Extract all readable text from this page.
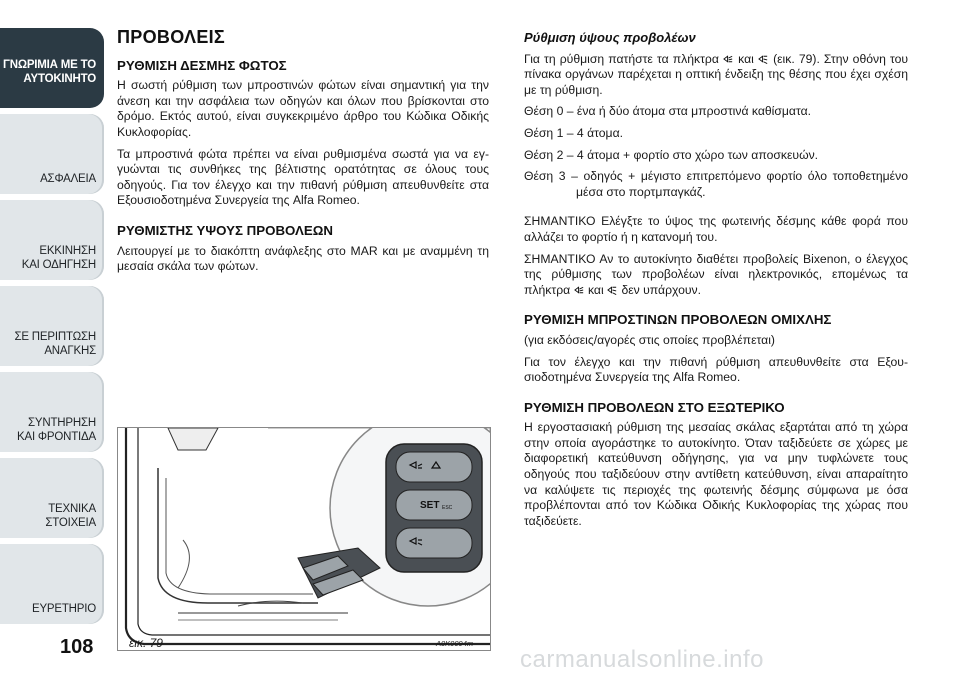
ΓΝΩΡΙΜΙΑ ΜΕ ΤΟ
ΑΥΤΟΚΙΝΗΤΟ
ΑΣΦΑΛΕΙΑ
ΕΚΚΙΝΗΣΗ
ΚΑΙ ΟΔΗΓΗΣΗ
ΣΕ ΠΕΡΙΠΤΩΣΗ
ΑΝΑΓΚΗΣ
ΣΥΝΤΗΡΗΣΗ
ΚΑΙ ΦΡΟΝΤΙΔΑ
ΤΕΧΝΙΚΑ
ΣΤΟΙΧΕΙΑ
ΕΥΡΕΤΗΡΙΟ
108
ΠΡΟΒΟΛΕΙΣ
ΡΥΘΜΙΣΗ ΔΕΣΜΗΣ ΦΩΤΟΣ

Η σωστή ρύθμιση των μπροστινών φώτων είναι σημαντική για την άνεση και την ασφάλεια των οδηγών και όλων που βρίσκονται στο δρόμο. Εκτός αυτού, είναι συγκεκριμένο άρθρο του Κώδικα Οδικής Κυκλοφορίας.

Τα μπροστινά φώτα πρέπει να είναι ρυθμισμένα σωστά για να εγγυώνται τις συνθήκες της βέλτιστης ορατότητας σε όλους τους οδηγούς. Για τον έλεγχο και την πιθανή ρύθμιση απευθυνθείτε στα Εξουσιοδοτημένα Συνεργεία της Alfa Romeo.

ΡΥΘΜΙΣΤΗΣ ΥΨΟΥΣ ΠΡΟΒΟΛΕΩΝ

Λειτουργεί με το διακόπτη ανάφλεξης στο MAR και με αναμμένη τη μεσαία σκάλα των φώτων.

SET ESC
εικ. 79	A0K0094m
Ρύθμιση ύψους προβολέων

Για τη ρύθμιση πατήστε τα πλήκτρα και (εικ. 79). Στην οθόνη του πίνακα οργάνων παρέχεται η οπτική ένδειξη της θέσης που έχει σχέση με τη ρύθμιση.

Θέση 0 – ένα ή δύο άτομα στα μπροστινά καθίσματα.

Θέση 1 – 4 άτομα.

Θέση 2 – 4 άτομα + φορτίο στο χώρο των αποσκευών.

Θέση 3 – οδηγός + μέγιστο επιτρεπόμενο φορτίο όλο τοποθετημένο μέσα στο πορτμπαγκάζ.

ΣΗΜΑΝΤΙΚΟ Ελέγξτε το ύψος της φωτεινής δέσμης κάθε φορά που αλλάζει το φορτίο ή η κατανομή του.

ΣΗΜΑΝΤΙΚΟ Αν το αυτοκίνητο διαθέτει προβολείς Bixenon, ο έλεγχος της ρύθμισης των προβολέων είναι ηλεκτρονικός, επομένως τα πλήκτρα και δεν υπάρχουν.

ΡΥΘΜΙΣΗ ΜΠΡΟΣΤΙΝΩΝ ΠΡΟΒΟΛΕΩΝ ΟΜΙΧΛΗΣ

(για εκδόσεις/αγορές στις οποίες προβλέπεται)

Για τον έλεγχο και την πιθανή ρύθμιση απευθυνθείτε στα Εξουσιοδοτημένα Συνεργεία της Alfa Romeo.

ΡΥΘΜΙΣΗ ΠΡΟΒΟΛΕΩΝ ΣΤΟ ΕΞΩΤΕΡΙΚΟ

Η εργοστασιακή ρύθμιση της μεσαίας σκάλας εξαρτάται από τη χώρα στην οποία αγοράστηκε το αυτοκίνητο. Όταν ταξιδεύετε σε χώρες με διαφορετική κατεύθυνση οδήγησης, για να μην τυφλώνετε τους οδηγούς που ταξιδεύουν στην αντίθετη κατεύθυνση, είναι απαραίτητο να καλύψετε τις περιοχές της φωτεινής δέσμης σύμφωνα με όσα προβλέπονται από τον Κώδικα Οδικής Κυκλοφορίας της χώρας που ταξιδεύετε.

carmanualsonline.info
